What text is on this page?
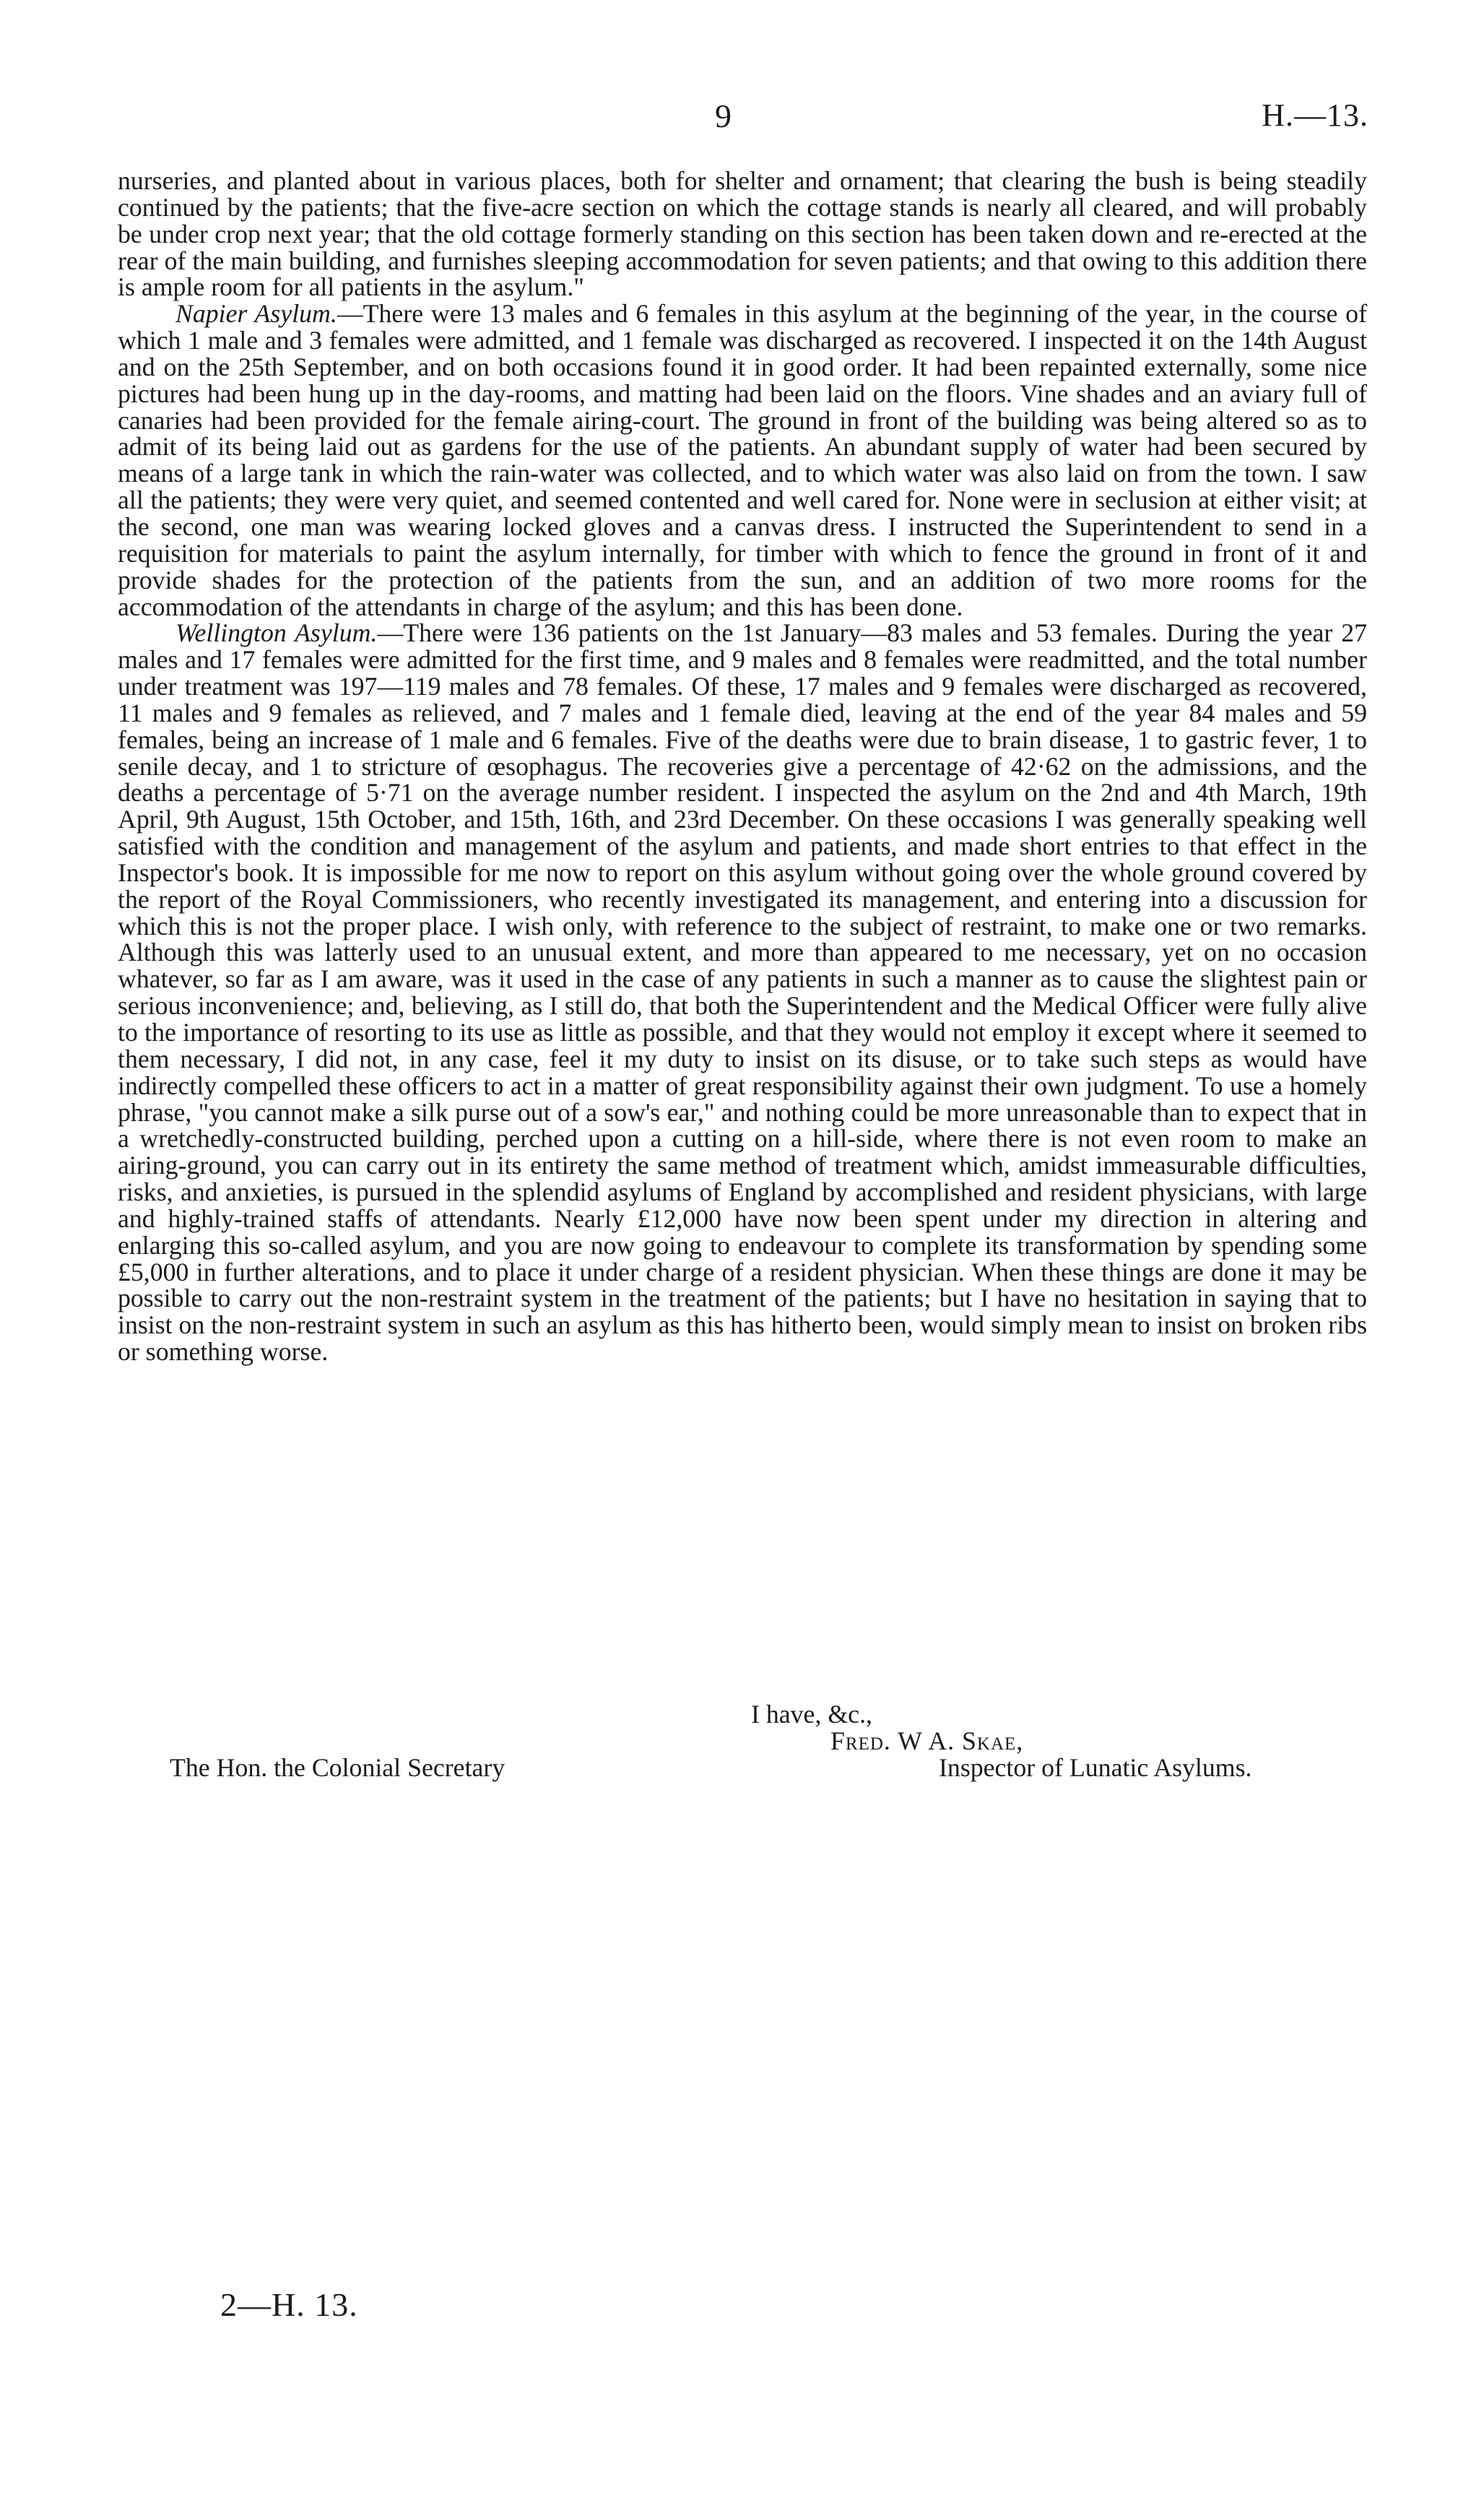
9	H.—13.

nurseries, and planted about in various places, both for shelter and ornament; that clearing the bush is being steadily continued by the patients; that the five-acre section on which the cottage stands is nearly all cleared, and will probably be under crop next year; that the old cottage formerly standing on this section has been taken down and re-erected at the rear of the main building, and furnishes sleeping accommodation for seven patients; and that owing to this addition there is ample room for all patients in the asylum."

Napier Asylum.—There were 13 males and 6 females in this asylum at the beginning of the year, in the course of which 1 male and 3 females were admitted, and 1 female was discharged as recovered. I inspected it on the 14th August and on the 25th September, and on both occasions found it in good order. It had been repainted externally, some nice pictures had been hung up in the day-rooms, and matting had been laid on the floors. Vine shades and an aviary full of canaries had been provided for the female airing-court. The ground in front of the building was being altered so as to admit of its being laid out as gardens for the use of the patients. An abundant supply of water had been secured by means of a large tank in which the rain-water was collected, and to which water was also laid on from the town. I saw all the patients; they were very quiet, and seemed contented and well cared for. None were in seclusion at either visit; at the second, one man was wearing locked gloves and a canvas dress. I instructed the Superintendent to send in a requisition for materials to paint the asylum internally, for timber with which to fence the ground in front of it and provide shades for the protection of the patients from the sun, and an addition of two more rooms for the accommodation of the attendants in charge of the asylum; and this has been done.

Wellington Asylum.—There were 136 patients on the 1st January—83 males and 53 females. During the year 27 males and 17 females were admitted for the first time, and 9 males and 8 females were readmitted, and the total number under treatment was 197—119 males and 78 females. Of these, 17 males and 9 females were discharged as recovered, 11 males and 9 females as relieved, and 7 males and 1 female died, leaving at the end of the year 84 males and 59 females, being an increase of 1 male and 6 females. Five of the deaths were due to brain disease, 1 to gastric fever, 1 to senile decay, and 1 to stricture of œsophagus. The recoveries give a percentage of 42·62 on the admissions, and the deaths a percentage of 5·71 on the average number resident. I inspected the asylum on the 2nd and 4th March, 19th April, 9th August, 15th October, and 15th, 16th, and 23rd December. On these occasions I was generally speaking well satisfied with the condition and management of the asylum and patients, and made short entries to that effect in the Inspector's book. It is impossible for me now to report on this asylum without going over the whole ground covered by the report of the Royal Commissioners, who recently investigated its management, and entering into a discussion for which this is not the proper place. I wish only, with reference to the subject of restraint, to make one or two remarks. Although this was latterly used to an unusual extent, and more than appeared to me necessary, yet on no occasion whatever, so far as I am aware, was it used in the case of any patients in such a manner as to cause the slightest pain or serious inconvenience; and, believing, as I still do, that both the Superintendent and the Medical Officer were fully alive to the importance of resorting to its use as little as possible, and that they would not employ it except where it seemed to them necessary, I did not, in any case, feel it my duty to insist on its disuse, or to take such steps as would have indirectly compelled these officers to act in a matter of great responsibility against their own judgment. To use a homely phrase, "you cannot make a silk purse out of a sow's ear," and nothing could be more unreasonable than to expect that in a wretchedly-constructed building, perched upon a cutting on a hill-side, where there is not even room to make an airing-ground, you can carry out in its entirety the same method of treatment which, amidst immeasurable difficulties, risks, and anxieties, is pursued in the splendid asylums of England by accomplished and resident physicians, with large and highly-trained staffs of attendants. Nearly £12,000 have now been spent under my direction in altering and enlarging this so-called asylum, and you are now going to endeavour to complete its transformation by spending some £5,000 in further alterations, and to place it under charge of a resident physician. When these things are done it may be possible to carry out the non-restraint system in the treatment of the patients; but I have no hesitation in saying that to insist on the non-restraint system in such an asylum as this has hitherto been, would simply mean to insist on broken ribs or something worse.

I have, &c.,
Fred. W A. Skae,
The Hon. the Colonial Secretary	Inspector of Lunatic Asylums.
2—H. 13.
